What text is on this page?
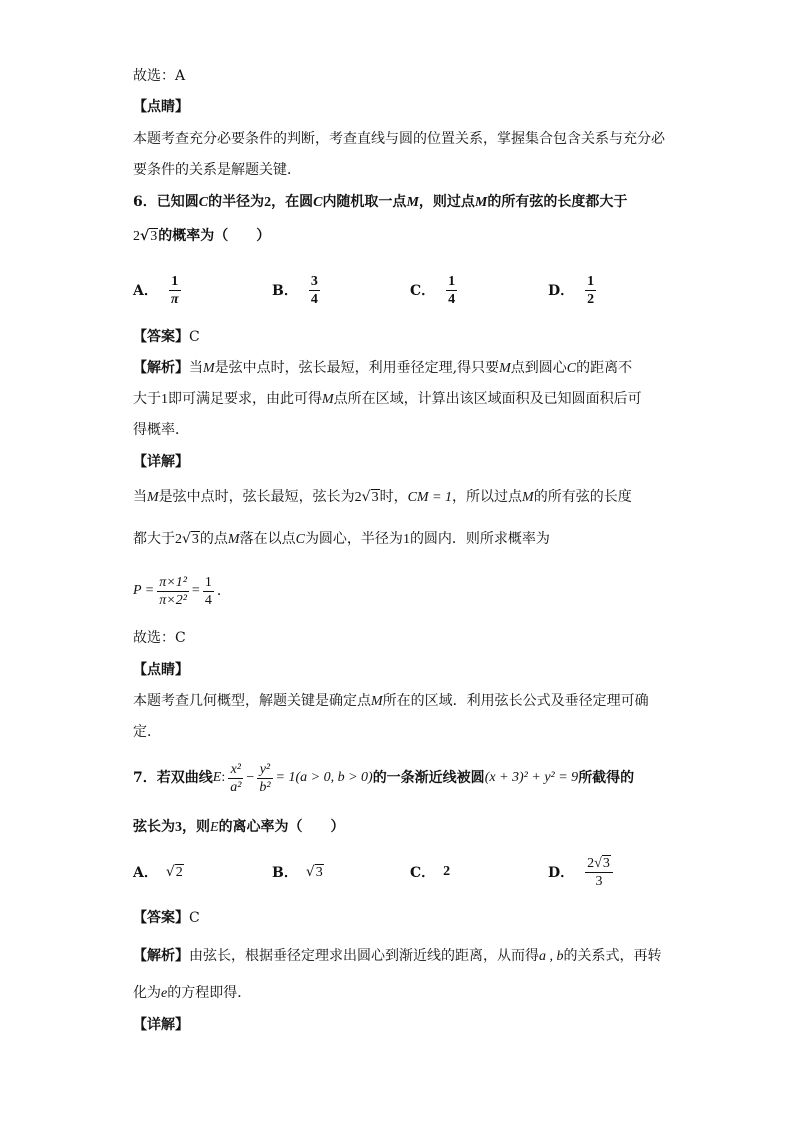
故选：A
【点睛】
本题考查充分必要条件的判断，考查直线与圆的位置关系，掌握集合包含关系与充分必
要条件的关系是解题关键．
6．已知圆C的半径为2，在圆C内随机取一点M，则过点M的所有弦的长度都大于
2√3的概率为（　　）
A． $\frac{1}{\pi}$	B． $\frac{3}{4}$	C． $\frac{1}{4}$	D． $\frac{1}{2}$
【答案】C
【解析】当M是弦中点时，弦长最短，利用垂径定理,得只要M点到圆心C的距离不
大于1即可满足要求，由此可得M点所在区域，计算出该区域面积及已知圆面积后可
得概率．
【详解】
当M是弦中点时，弦长最短，弦长为2√3时，CM = 1，所以过点M的所有弦的长度
都大于2√3的点M落在以点C为圆心，半径为1的圆内．则所求概率为
$P = \frac{\text{π×1²}}{\text{π×2²}} = \frac{1}{4}$ ．
故选：C
【点睛】
本题考查几何概型，解题关键是确定点M所在的区域．利用弦长公式及垂径定理可确
定．
7．若双曲线 E : $\frac{\text{x²}}{\text{a²}} - \frac{\text{y²}}{\text{b²}} = 1(a > 0$, b > 0) 的一条渐近线被圆 (x + 3)² + y² = 9 所截得的
弦长为3，则E的离心率为（　　）
A． √2	B． √3	C． 2	D． $\frac{2√3}{3}$
【答案】C
【解析】由弦长，根据垂径定理求出圆心到渐近线的距离，从而得a , b的关系式，再转
化为e的方程即得．
【详解】
